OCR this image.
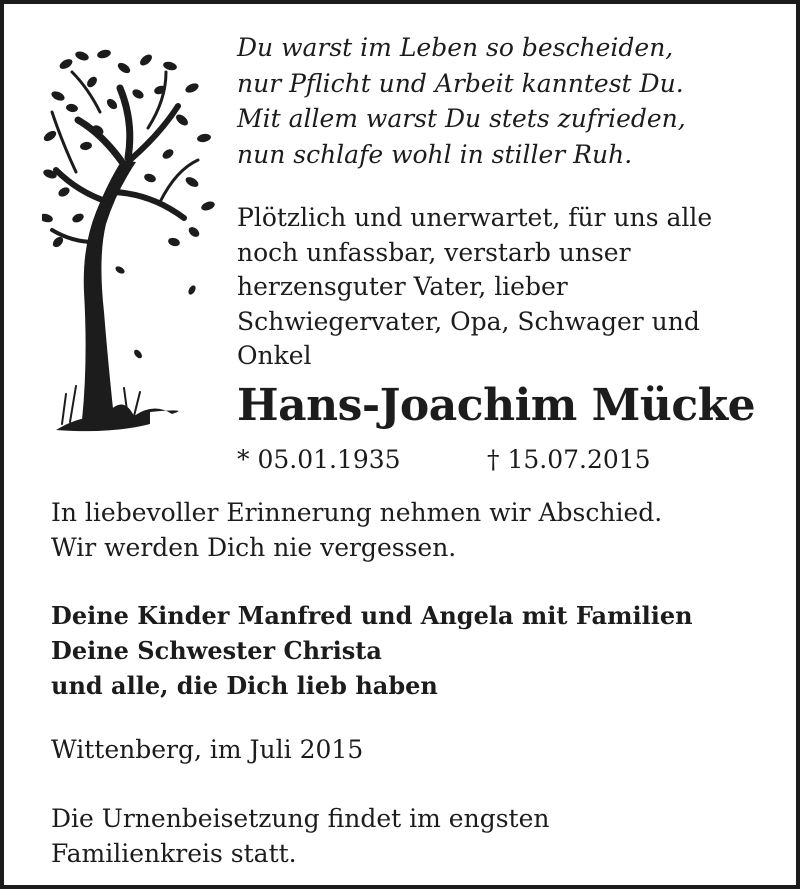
Du warst im Leben so bescheiden,
nur Pflicht und Arbeit kanntest Du.
Mit allem warst Du stets zufrieden,
nun schlafe wohl in stiller Ruh.
Plötzlich und unerwartet, für uns alle
noch unfassbar, verstarb unser
herzensguter Vater, lieber
Schwiegervater, Opa, Schwager und
Onkel
Hans-Joachim Mücke
* 05.01.1935	† 15.07.2015
In liebevoller Erinnerung nehmen wir Abschied.
Wir werden Dich nie vergessen.
Deine Kinder Manfred und Angela mit Familien
Deine Schwester Christa
und alle, die Dich lieb haben
Wittenberg, im Juli 2015
Die Urnenbeisetzung findet im engsten
Familienkreis statt.
